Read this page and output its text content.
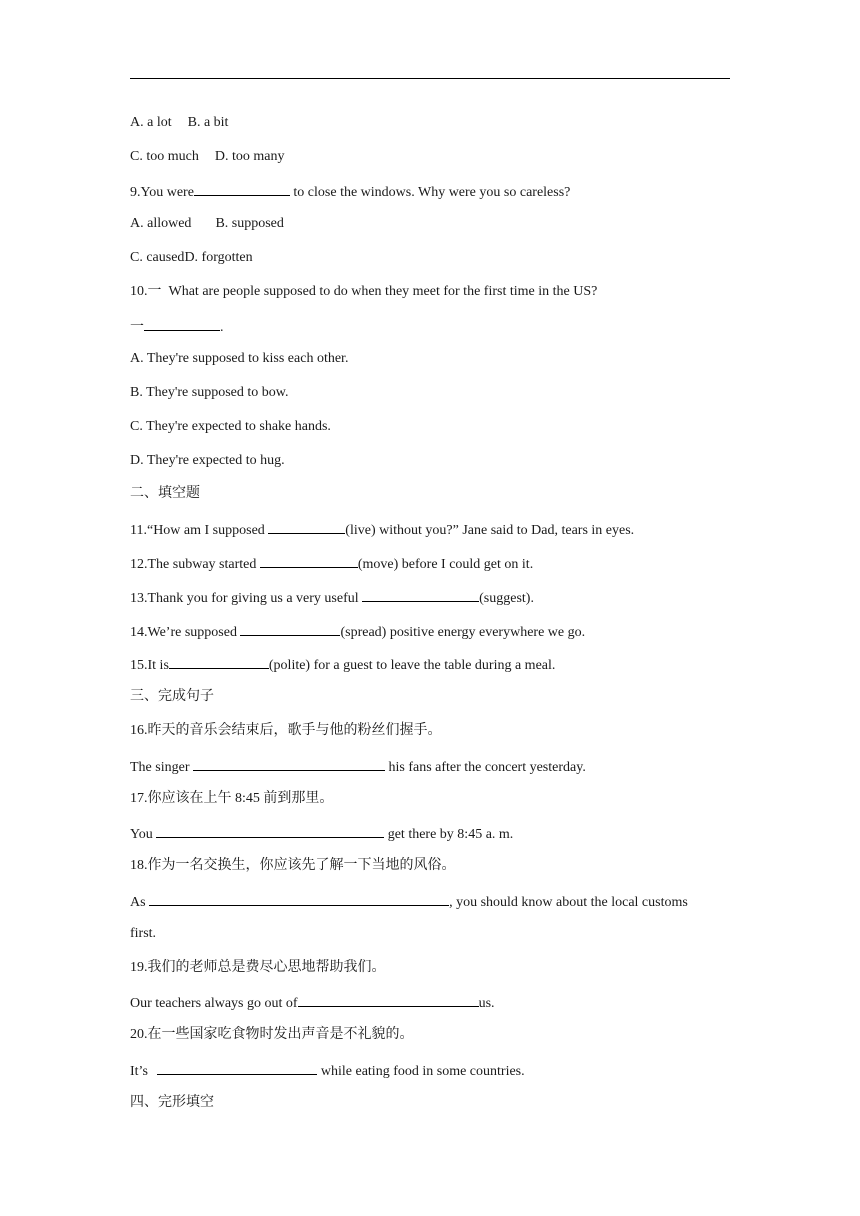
A. a lot B. a bit
C. too much D. too many
9.You were	to close the windows. Why were you so careless?
A. allowed B. supposed
C. causedD. forgotten
10.一  What are people supposed to do when they meet for the first time in the US?
一	.
A. They're supposed to kiss each other.
B. They're supposed to bow.
C. They're expected to shake hands.
D. They're expected to hug.
二、填空题
11.“How am I supposed	(live) without you?” Jane said to Dad, tears in eyes.
12.The subway started	(move) before I could get on it.
13.Thank you for giving us a very useful	(suggest).
14.We’re supposed	(spread) positive energy everywhere we go.
15.It is	(polite) for a guest to leave the table during a meal.
三、完成句子
16.昨天的音乐会结束后，歌手与他的粉丝们握手。
The singer	his fans after the concert yesterday.
17.你应该在上午 8:45 前到那里。
You	get there by 8:45 a. m.
18.作为一名交换生，你应该先了解一下当地的风俗。
As	, you should know about the local customs
first.
19.我们的老师总是费尽心思地帮助我们。
Our teachers always go out of	us.
20.在一些国家吃食物时发出声音是不礼貌的。
It’s	while eating food in some countries.
四、完形填空
